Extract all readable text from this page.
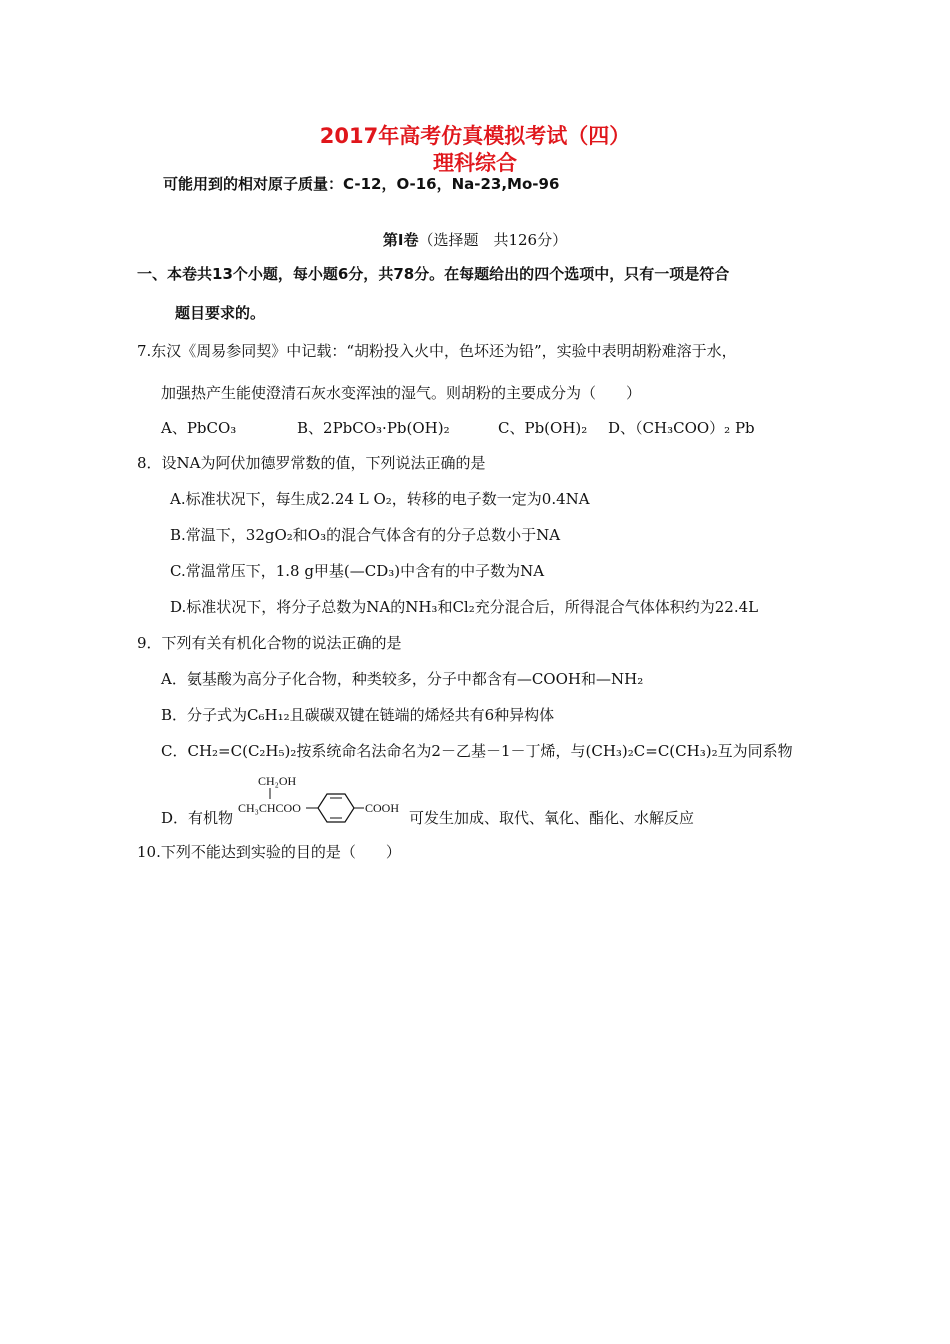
2017年高考仿真模拟考试（四）
理科综合
可能用到的相对原子质量：C-12，O-16，Na-23,Mo-96
第Ⅰ卷（选择题　共126分）
一、本卷共13个小题，每小题6分，共78分。在每题给出的四个选项中，只有一项是符合
题目要求的。
7.东汉《周易参同契》中记载：“胡粉投入火中，色坏还为铅”，实验中表明胡粉难溶于水，
加强热产生能使澄清石灰水变浑浊的湿气。则胡粉的主要成分为（　　）
A、PbCO₃	B、2PbCO₃·Pb(OH)₂	C、Pb(OH)₂ D、（CH₃COO）₂ Pb
8．设NA为阿伏加德罗常数的值，下列说法正确的是
A.标准状况下，每生成2.24 L O₂，转移的电子数一定为0.4NA
B.常温下，32gO₂和O₃的混合气体含有的分子总数小于NA
C.常温常压下，1.8 g甲基(—CD₃)中含有的中子数为NA
D.标准状况下，将分子总数为NA的NH₃和Cl₂充分混合后，所得混合气体体积约为22.4L
9．下列有关有机化合物的说法正确的是
A．氨基酸为高分子化合物，种类较多，分子中都含有—COOH和—NH₂
B．分子式为C₆H₁₂且碳碳双键在链端的烯烃共有6种异构体
C．CH₂=C(C₂H₅)₂按系统命名法命名为2－乙基－1－丁烯，与(CH₃)₂C=C(CH₃)₂互为同系物
D．有机物	可发生加成、取代、氧化、酯化、水解反应
CH₂OH
CH₃CHCOO	COOH
10.下列不能达到实验的目的是（　　）
